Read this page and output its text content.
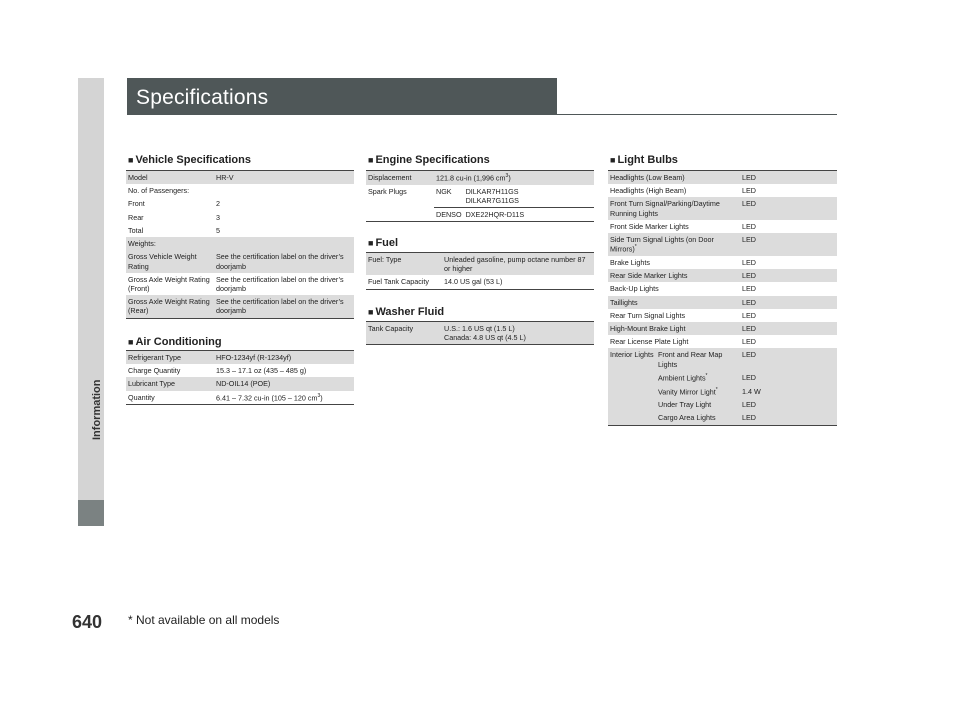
Information
Specifications
■ Vehicle Specifications
Model	HR-V
No. of Passengers:	
Front	2
Rear	3
Total	5
Weights:	
Gross Vehicle Weight Rating	See the certification label on the driver’s doorjamb
Gross Axle Weight Rating (Front)	See the certification label on the driver’s doorjamb
Gross Axle Weight Rating (Rear)	See the certification label on the driver’s doorjamb
■ Air Conditioning
Refrigerant Type	HFO-1234yf (R-1234yf)
Charge Quantity	15.3 – 17.1 oz (435 – 485 g)
Lubricant Type	ND-OIL14 (POE)
Quantity	6.41 – 7.32 cu-in (105 – 120 $cm^3$)
■ Engine Specifications
Displacement	121.8 cu-in (1,996 $cm^3$)	
Spark Plugs	NGK	DILKAR7H11GS
DILKAR7G11GS

	DENSO	DXE22HQR-D11S
■ Fuel
Fuel: Type	Unleaded gasoline, pump octane number 87 or higher
Fuel Tank Capacity	14.0 US gal (53 L)
■ Washer Fluid
Tank Capacity	U.S.: 1.6 US qt (1.5 L)
Canada: 4.8 US qt (4.5 L)
■ Light Bulbs
Headlights (Low Beam)		LED
Headlights (High Beam)		LED
Front Turn Signal/Parking/Daytime Running Lights		LED
Front Side Marker Lights		LED
Side Turn Signal Lights (on Door Mirrors)*		LED
Brake Lights		LED
Rear Side Marker Lights		LED
Back-Up Lights		LED
Taillights		LED
Rear Turn Signal Lights		LED
High-Mount Brake Light		LED
Rear License Plate Light		LED
Interior Lights	Front and Rear Map Lights	LED
	Ambient Lights*	LED
	Vanity Mirror Light*	1.4 W
	Under Tray Light	LED
	Cargo Area Lights	LED
640 * Not available on all models
